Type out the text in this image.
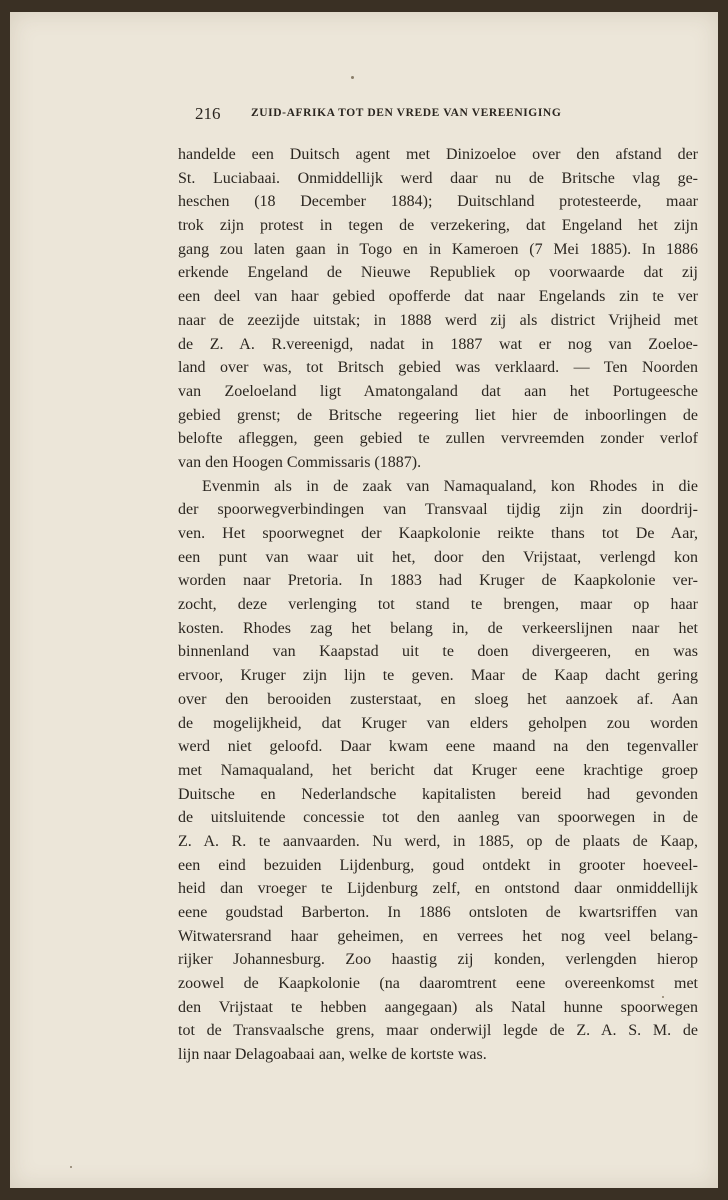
216	ZUID-AFRIKA TOT DEN VREDE VAN VEREENIGING
handelde een Duitsch agent met Dinizoeloe over den afstand der
St. Luciabaai. Onmiddellijk werd daar nu de Britsche vlag ge-
heschen (18 December 1884); Duitschland protesteerde, maar
trok zijn protest in tegen de verzekering, dat Engeland het zijn
gang zou laten gaan in Togo en in Kameroen (7 Mei 1885). In 1886
erkende Engeland de Nieuwe Republiek op voorwaarde dat zij
een deel van haar gebied opofferde dat naar Engelands zin te ver
naar de zeezijde uitstak; in 1888 werd zij als district Vrijheid met
de Z. A. R.vereenigd, nadat in 1887 wat er nog van Zoeloe-
land over was, tot Britsch gebied was verklaard. — Ten Noorden
van Zoeloeland ligt Amatongaland dat aan het Portugeesche
gebied grenst; de Britsche regeering liet hier de inboorlingen de
belofte afleggen, geen gebied te zullen vervreemden zonder verlof
van den Hoogen Commissaris (1887).
Evenmin als in de zaak van Namaqualand, kon Rhodes in die
der spoorwegverbindingen van Transvaal tijdig zijn zin doordrij-
ven. Het spoorwegnet der Kaapkolonie reikte thans tot De Aar,
een punt van waar uit het, door den Vrijstaat, verlengd kon
worden naar Pretoria. In 1883 had Kruger de Kaapkolonie ver-
zocht, deze verlenging tot stand te brengen, maar op haar
kosten. Rhodes zag het belang in, de verkeerslijnen naar het
binnenland van Kaapstad uit te doen divergeeren, en was
ervoor, Kruger zijn lijn te geven. Maar de Kaap dacht gering
over den berooiden zusterstaat, en sloeg het aanzoek af. Aan
de mogelijkheid, dat Kruger van elders geholpen zou worden
werd niet geloofd. Daar kwam eene maand na den tegenvaller
met Namaqualand, het bericht dat Kruger eene krachtige groep
Duitsche en Nederlandsche kapitalisten bereid had gevonden
de uitsluitende concessie tot den aanleg van spoorwegen in de
Z. A. R. te aanvaarden. Nu werd, in 1885, op de plaats de Kaap,
een eind bezuiden Lijdenburg, goud ontdekt in grooter hoeveel-
heid dan vroeger te Lijdenburg zelf, en ontstond daar onmiddellijk
eene goudstad Barberton. In 1886 ontsloten de kwartsriffen van
Witwatersrand haar geheimen, en verrees het nog veel belang-
rijker Johannesburg. Zoo haastig zij konden, verlengden hierop
zoowel de Kaapkolonie (na daaromtrent eene overeenkomst met
den Vrijstaat te hebben aangegaan) als Natal hunne spoorwegen
tot de Transvaalsche grens, maar onderwijl legde de Z. A. S. M. de
lijn naar Delagoabaai aan, welke de kortste was.
